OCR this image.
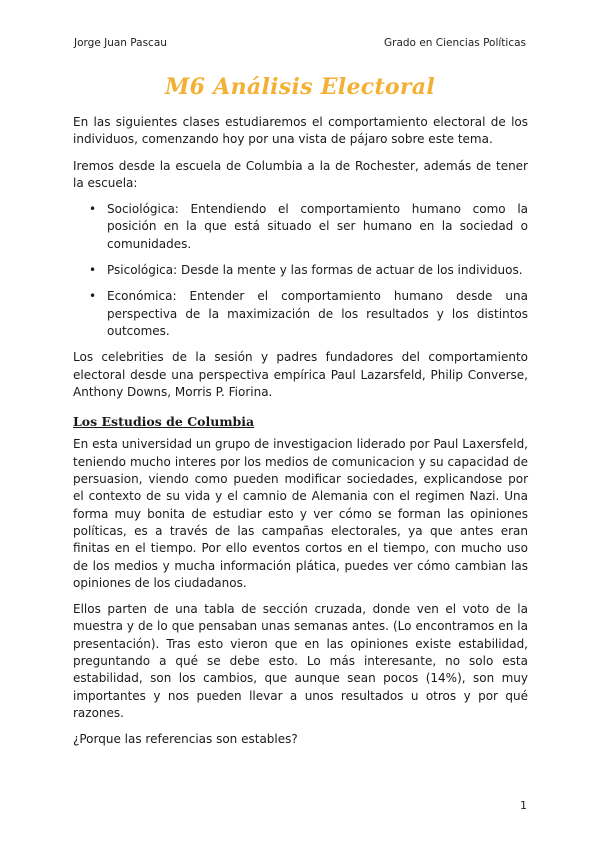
Jorge Juan Pascau	Grado en Ciencias Políticas
M6 Análisis Electoral

En las siguientes clases estudiaremos el comportamiento electoral de los individuos, comenzando hoy por una vista de pájaro sobre este tema.

Iremos desde la escuela de Columbia a la de Rochester, además de tener la escuela:

• Sociológica: Entendiendo el comportamiento humano como la posición en la que está situado el ser humano en la sociedad o comunidades.
• Psicológica: Desde la mente y las formas de actuar de los individuos.
• Económica: Entender el comportamiento humano desde una perspectiva de la maximización de los resultados y los distintos outcomes.

Los celebrities de la sesión y padres fundadores del comportamiento electoral desde una perspectiva empírica Paul Lazarsfeld, Philip Converse, Anthony Downs, Morris P. Fiorina.

Los Estudios de Columbia

En esta universidad un grupo de investigacion liderado por Paul Laxersfeld, teniendo mucho interes por los medios de comunicacion y su capacidad de persuasion, viendo como pueden modificar sociedades, explicandose por el contexto de su vida y el camnio de Alemania con el regimen Nazi. Una forma muy bonita de estudiar esto y ver cómo se forman las opiniones políticas, es a través de las campañas electorales, ya que antes eran finitas en el tiempo. Por ello eventos cortos en el tiempo, con mucho uso de los medios y mucha información plática, puedes ver cómo cambian las opiniones de los ciudadanos.

Ellos parten de una tabla de sección cruzada, donde ven el voto de la muestra y de lo que pensaban unas semanas antes. (Lo encontramos en la presentación). Tras esto vieron que en las opiniones existe estabilidad, preguntando a qué se debe esto. Lo más interesante, no solo esta estabilidad, son los cambios, que aunque sean pocos (14%), son muy importantes y nos pueden llevar a unos resultados u otros y por qué razones.

¿Porque las referencias son estables?

1
